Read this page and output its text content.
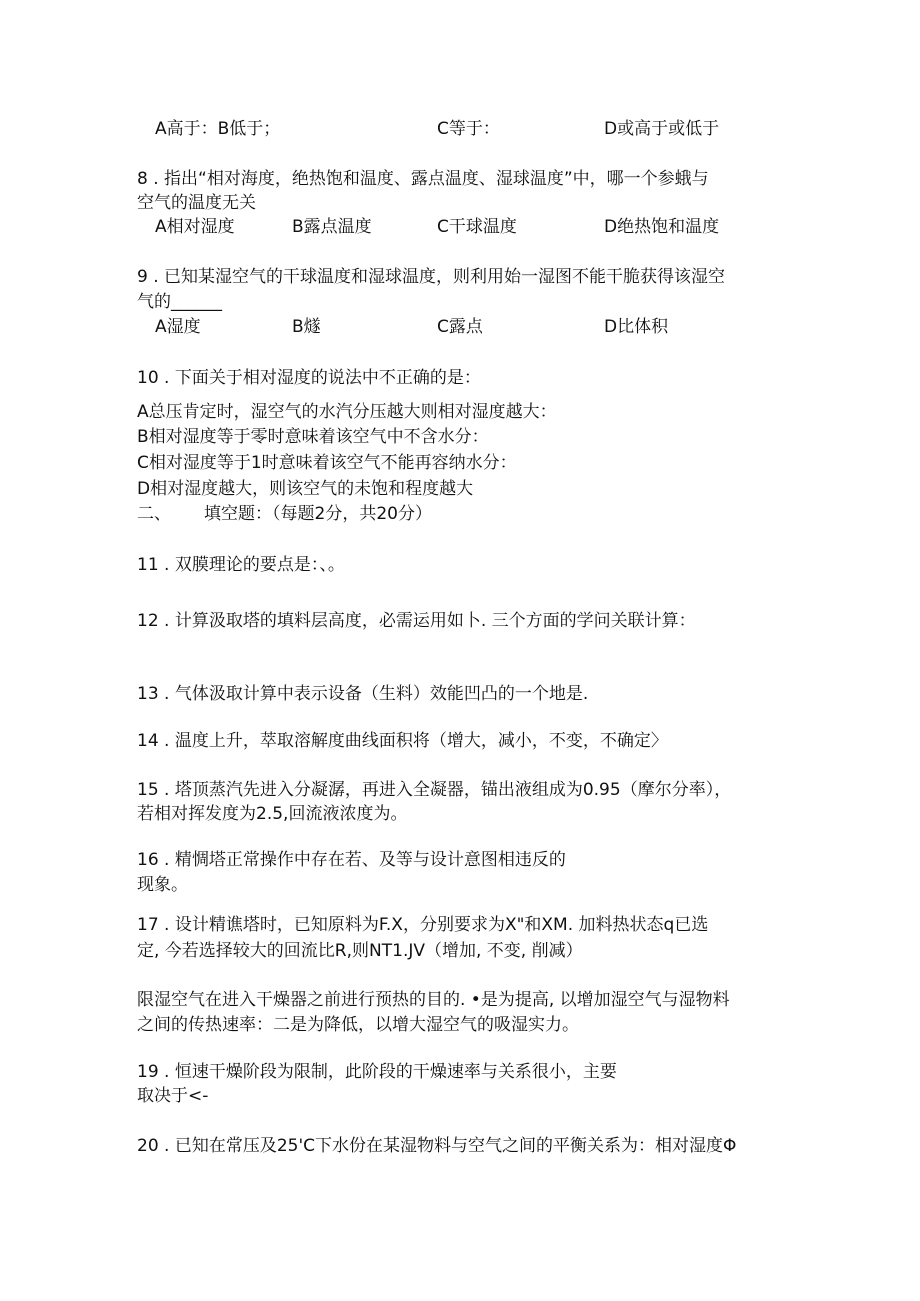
A高于：B低于；	C等于：	D或高于或低于
8 . 指出“相对海度，绝热饱和温度、露点温度、湿球温度”中，哪一个参蛾与
空气的温度无关
A相对湿度	B露点温度	C干球温度	D绝热饱和温度
9 . 已知某湿空气的干球温度和湿球温度，则利用始一湿图不能干脆获得该湿空
气的______
A湿度	B燧	C露点	D比体积
10 . 下面关于相对湿度的说法中不正确的是：
A总压肯定时，湿空气的水汽分压越大则相对湿度越大：
B相对湿度等于零时意味着该空气中不含水分：
C相对湿度等于1时意味着该空气不能再容纳水分：
D相对湿度越大，则该空气的未饱和程度越大
二、 填空题：（每题2分，共20分）
11 . 双膜理论的要点是：、。
12 . 计算汲取塔的填料层高度，必需运用如卜. 三个方面的学问关联计算：
13 . 气体汲取计算中表示设备（生料）效能凹凸的一个地是.
14 . 温度上升，萃取溶解度曲线面积将（增大，减小，不变，不确定〉
15 . 塔顶蒸汽先进入分凝潺，再进入全凝器，锚出液组成为0.95（摩尔分率），
若相对挥发度为2.5,回流液浓度为。
16 . 精惆塔正常操作中存在若、及等与设计意图相违反的
现象。
17 . 设计精谯塔时，已知原料为F.X，分别要求为X"和XM. 加料热状态q已选
定, 今若选择较大的回流比R,则NT1.JV（增加, 不变, 削减）
限湿空气在进入干燥器之前进行预热的目的. •是为提高, 以增加湿空气与湿物料
之间的传热速率：二是为降低，以增大湿空气的吸湿实力。
19 . 恒速干燥阶段为限制，此阶段的干燥速率与关系很小，主要
取决于<-
20 . 已知在常压及25'C下水份在某湿物料与空气之间的平衡关系为：相对湿度Φ
